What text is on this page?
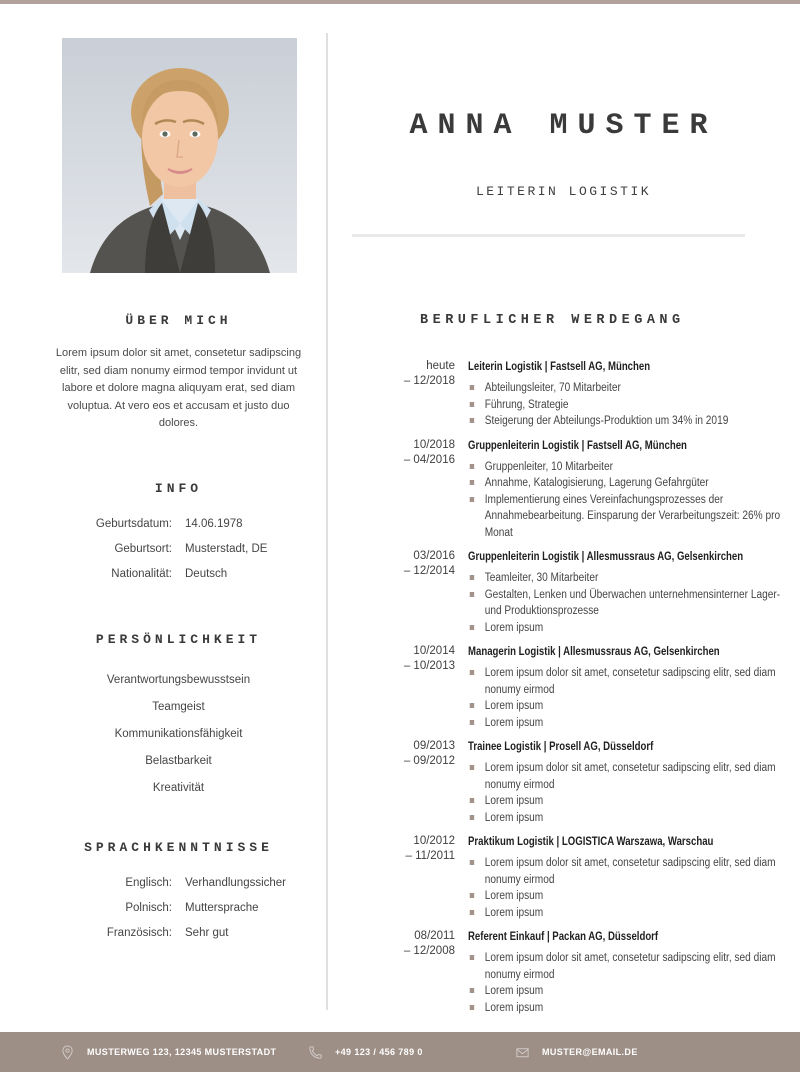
ÜBER MICH
Lorem ipsum dolor sit amet, consetetur sadipscing elitr, sed diam nonumy eirmod tempor invidunt ut labore et dolore magna aliquyam erat, sed diam voluptua. At vero eos et accusam et justo duo dolores.
INFO
Geburtsdatum: 14.06.1978
Geburtsort: Musterstadt, DE
Nationalität: Deutsch
PERSÖNLICHKEIT
Verantwortungsbewusstsein
Teamgeist
Kommunikationsfähigkeit
Belastbarkeit
Kreativität
SPRACHKENNTNISSE
Englisch: Verhandlungssicher
Polnisch: Muttersprache
Französisch: Sehr gut
ANNA MUSTER
LEITERIN LOGISTIK
BERUFLICHER WERDEGANG
heute
– 12/2018
Leiterin Logistik | Fastsell AG, München
Abteilungsleiter, 70 Mitarbeiter
Führung, Strategie
Steigerung der Abteilungs-Produktion um 34% in 2019
10/2018
– 04/2016
Gruppenleiterin Logistik | Fastsell AG, München
Gruppenleiter, 10 Mitarbeiter
Annahme, Katalogisierung, Lagerung Gefahrgüter
Implementierung eines Vereinfachungsprozesses der Annahmebearbeitung. Einsparung der Verarbeitungszeit: 26% pro Monat
03/2016
– 12/2014
Gruppenleiterin Logistik | Allesmussraus AG, Gelsenkirchen
Teamleiter, 30 Mitarbeiter
Gestalten, Lenken und Überwachen unternehmensinterner Lager- und Produktionsprozesse
Lorem ipsum
10/2014
– 10/2013
Managerin Logistik | Allesmussraus AG, Gelsenkirchen
Lorem ipsum dolor sit amet, consetetur sadipscing elitr, sed diam nonumy eirmod
Lorem ipsum
Lorem ipsum
09/2013
– 09/2012
Trainee Logistik | Prosell AG, Düsseldorf
Lorem ipsum dolor sit amet, consetetur sadipscing elitr, sed diam nonumy eirmod
Lorem ipsum
Lorem ipsum
10/2012
– 11/2011
Praktikum Logistik | LOGISTICA Warszawa, Warschau
Lorem ipsum dolor sit amet, consetetur sadipscing elitr, sed diam nonumy eirmod
Lorem ipsum
Lorem ipsum
08/2011
– 12/2008
Referent Einkauf | Packan AG, Düsseldorf
Lorem ipsum dolor sit amet, consetetur sadipscing elitr, sed diam nonumy eirmod
Lorem ipsum
Lorem ipsum
MUSTERWEG 123, 12345 MUSTERSTADT	+49 123 / 456 789 0	MUSTER@EMAIL.DE
